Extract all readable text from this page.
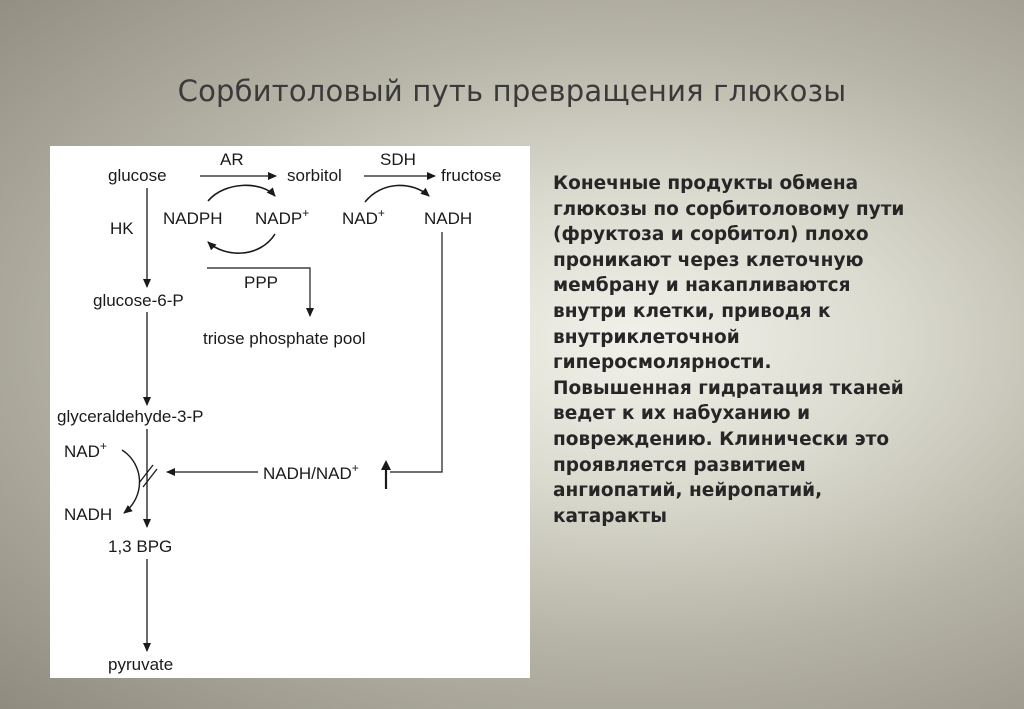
Сорбитоловый путь превращения глюкозы
glucose	sorbitol	fructose
glucose-6-P
triose phosphate pool
glyceraldehyde-3-P
1,3 BPG
pyruvate
AR	SDH
HK
PPP
NADPH NADP+ NAD+ NADH
NAD+
NADH
NADH/NAD+
Конечные продукты обмена
глюкозы по сорбитоловому пути
(фруктоза и сорбитол) плохо
проникают через клеточную
мембрану и накапливаются
внутри клетки, приводя к
внутриклеточной
гиперосмолярности.
Повышенная гидратация тканей
ведет к их набуханию и
повреждению. Клинически это
проявляется развитием
ангиопатий, нейропатий,
катаракты
